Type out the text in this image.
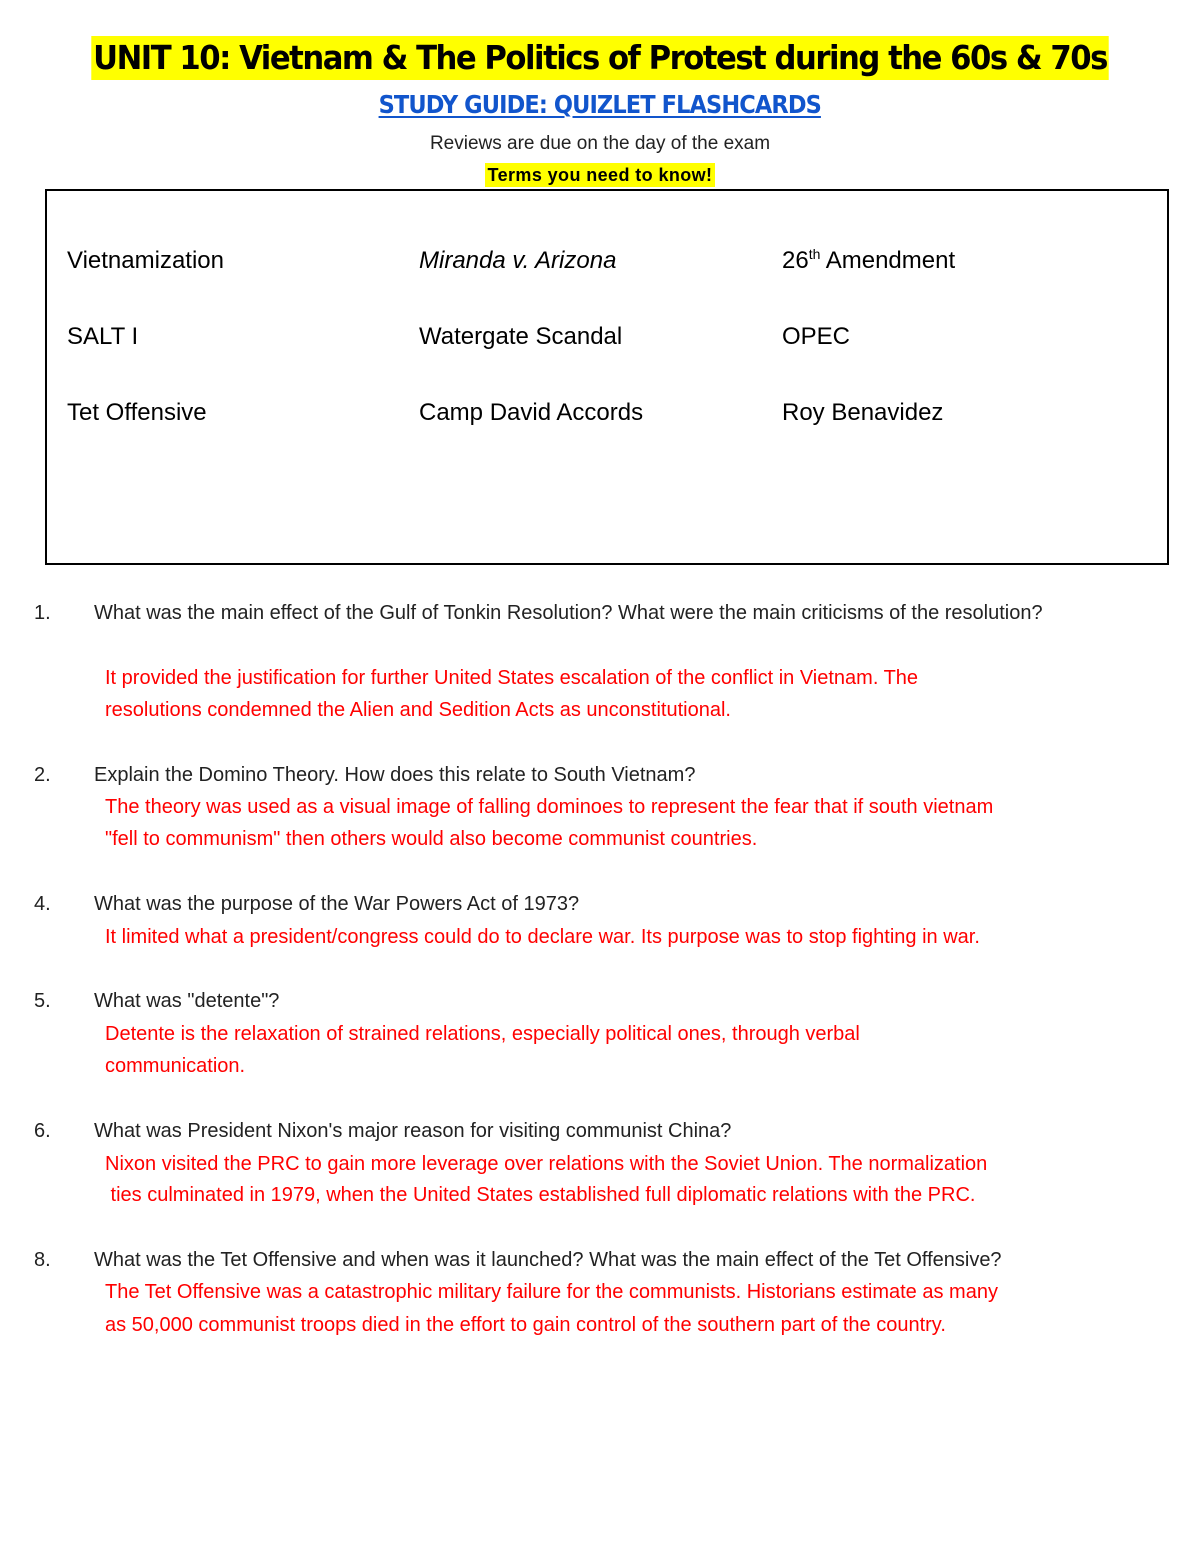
UNIT 10: Vietnam & The Politics of Protest during the 60s & 70s
STUDY GUIDE: QUIZLET FLASHCARDS
Reviews are due on the day of the exam
Terms you need to know!
Vietnamization	Miranda v. Arizona	26th Amendment
SALT I	Watergate Scandal	OPEC
Tet Offensive	Camp David Accords	Roy Benavidez
1. What was the main effect of the Gulf of Tonkin Resolution? What were the main criticisms of the resolution?
It provided the justification for further United States escalation of the conflict in Vietnam. The
resolutions condemned the Alien and Sedition Acts as unconstitutional.
2. Explain the Domino Theory. How does this relate to South Vietnam?
The theory was used as a visual image of falling dominoes to represent the fear that if south vietnam
"fell to communism" then others would also become communist countries.
4. What was the purpose of the War Powers Act of 1973?
It limited what a president/congress could do to declare war. Its purpose was to stop fighting in war.
5. What was "detente"?
Detente is the relaxation of strained relations, especially political ones, through verbal
communication.
6. What was President Nixon's major reason for visiting communist China?
Nixon visited the PRC to gain more leverage over relations with the Soviet Union. The normalization
ties culminated in 1979, when the United States established full diplomatic relations with the PRC.
8. What was the Tet Offensive and when was it launched? What was the main effect of the Tet Offensive?
The Tet Offensive was a catastrophic military failure for the communists. Historians estimate as many
as 50,000 communist troops died in the effort to gain control of the southern part of the country.
